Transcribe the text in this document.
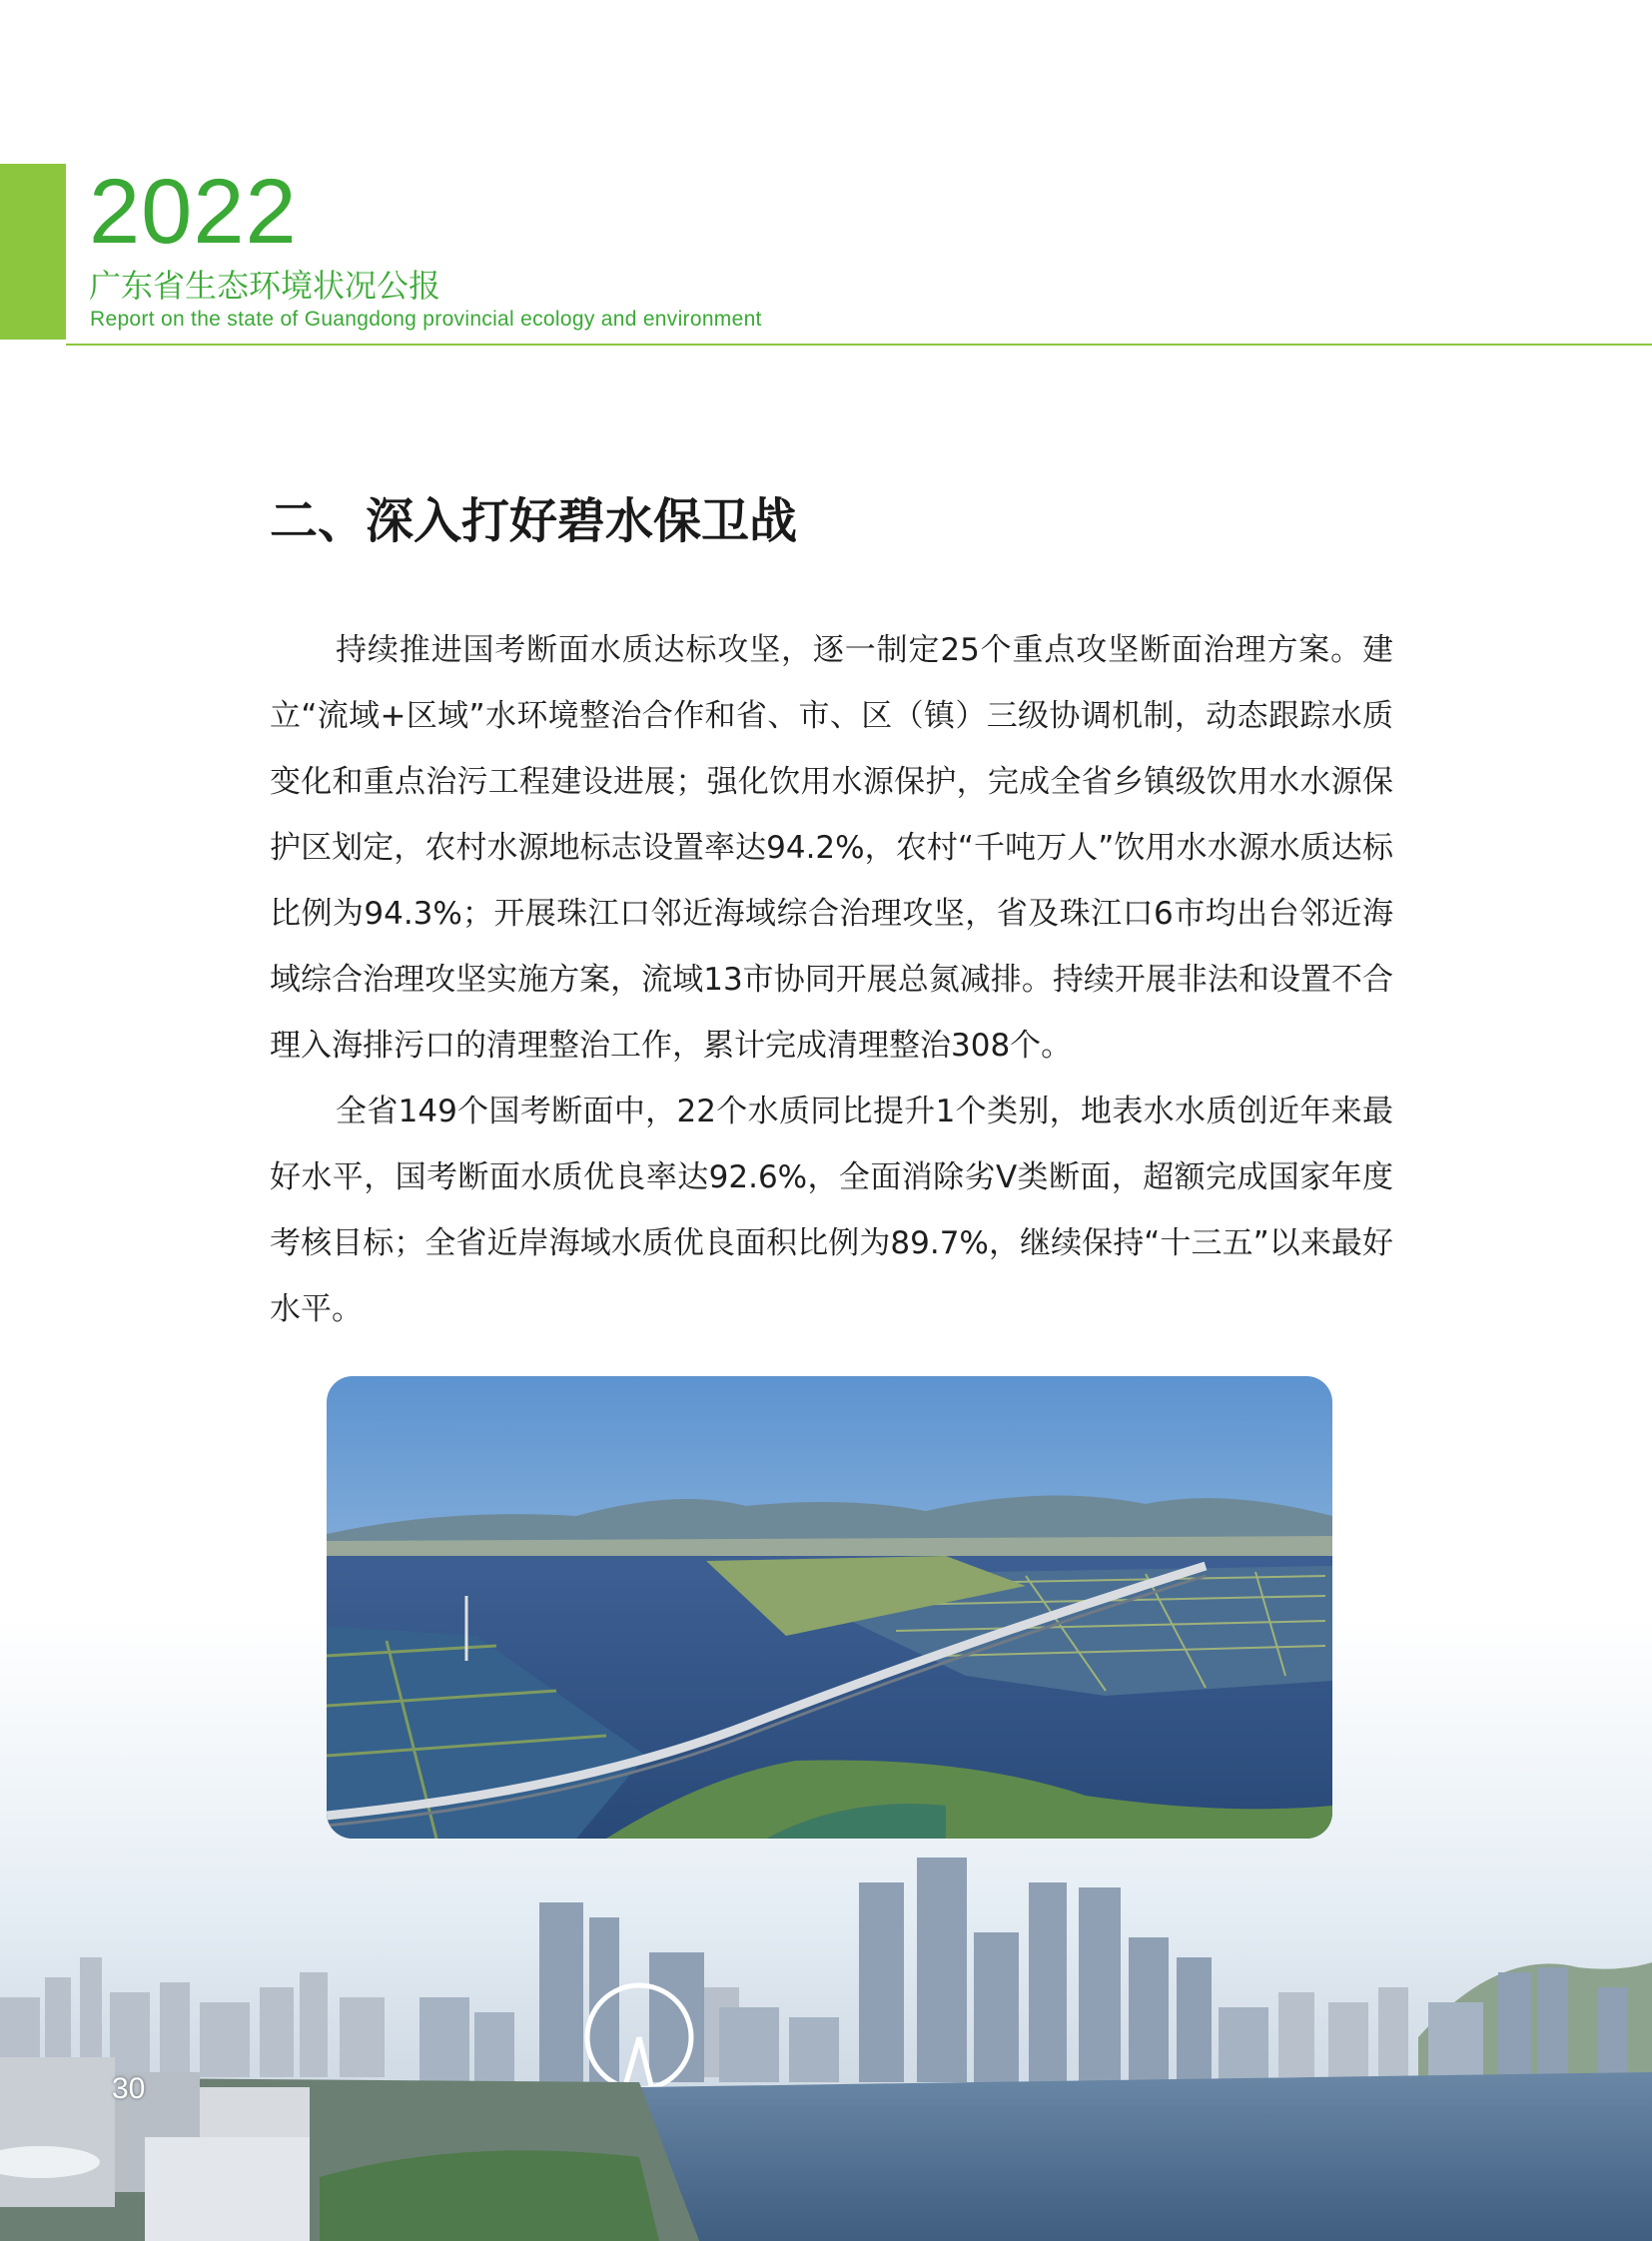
2022
广东省生态环境状况公报
Report on the state of Guangdong provincial ecology and environment
二、深入打好碧水保卫战

持续推进国考断面水质达标攻坚，逐一制定25个重点攻坚断面治理方案。建立“流域+区域”水环境整治合作和省、市、区（镇）三级协调机制，动态跟踪水质变化和重点治污工程建设进展；强化饮用水源保护，完成全省乡镇级饮用水水源保护区划定，农村水源地标志设置率达94.2%，农村“千吨万人”饮用水水源水质达标比例为94.3%；开展珠江口邻近海域综合治理攻坚，省及珠江口6市均出台邻近海域综合治理攻坚实施方案，流域13市协同开展总氮减排。持续开展非法和设置不合理入海排污口的清理整治工作，累计完成清理整治308个。

全省149个国考断面中，22个水质同比提升1个类别，地表水水质创近年来最好水平，国考断面水质优良率达92.6%，全面消除劣Ⅴ类断面，超额完成国家年度考核目标；全省近岸海域水质优良面积比例为89.7%，继续保持“十三五”以来最好水平。

30
